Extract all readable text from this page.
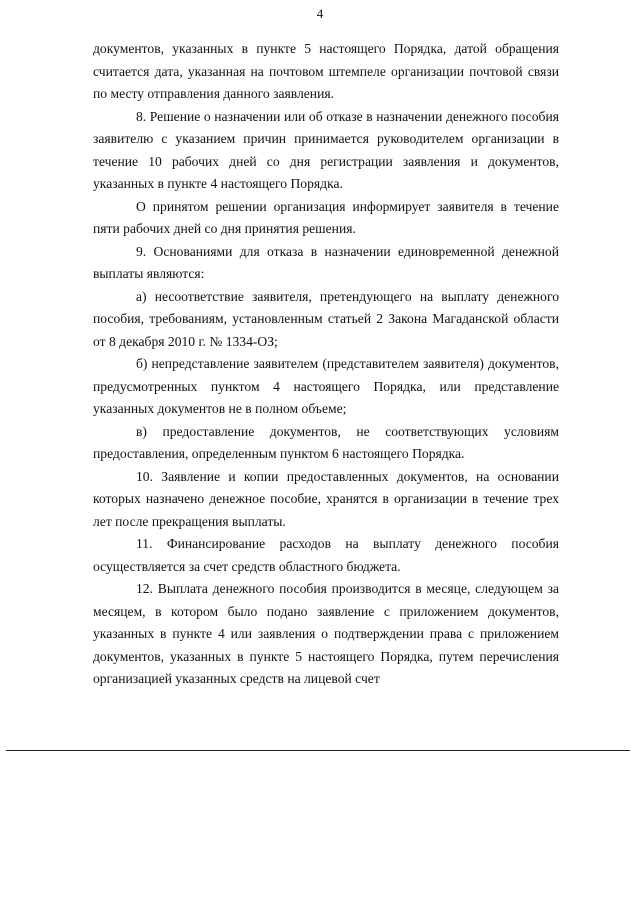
4

документов, указанных в пункте 5 настоящего Порядка, датой обращения считается дата, указанная на почтовом штемпеле организации почтовой связи по месту отправления данного заявления.

8. Решение о назначении или об отказе в назначении денежного пособия заявителю с указанием причин принимается руководителем организации в течение 10 рабочих дней со дня регистрации заявления и документов, указанных в пункте 4 настоящего Порядка.

О принятом решении организация информирует заявителя в течение пяти рабочих дней со дня принятия решения.

9. Основаниями для отказа в назначении единовременной денежной выплаты являются:

а) несоответствие заявителя, претендующего на выплату денежного пособия, требованиям, установленным статьей 2 Закона Магаданской области от 8 декабря 2010 г. № 1334-ОЗ;

б) непредставление заявителем (представителем заявителя) документов, предусмотренных пунктом 4 настоящего Порядка, или представление указанных документов не в полном объеме;

в) предоставление документов, не соответствующих условиям предоставления, определенным пунктом 6 настоящего Порядка.

10. Заявление и копии предоставленных документов, на основании которых назначено денежное пособие, хранятся в организации в течение трех лет после прекращения выплаты.

11. Финансирование расходов на выплату денежного пособия осуществляется за счет средств областного бюджета.

12. Выплата денежного пособия производится в месяце, следующем за месяцем, в котором было подано заявление с приложением документов, указанных в пункте 4 или заявления о подтверждении права с приложением документов, указанных в пункте 5 настоящего Порядка, путем перечисления организацией указанных средств на лицевой счет
